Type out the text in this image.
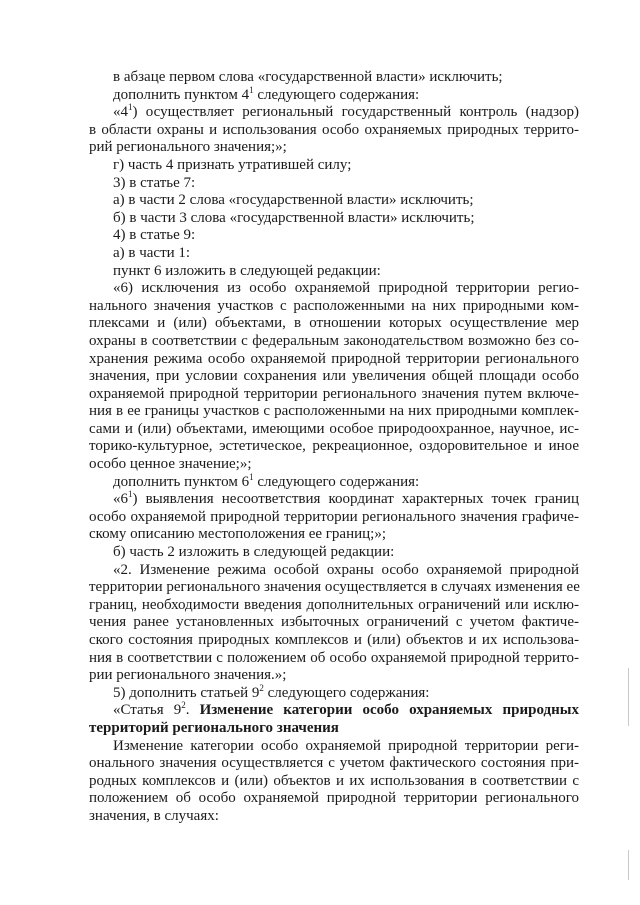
в абзаце первом слова «государственной власти» исключить;
дополнить пунктом $4^1$ следующего содержания:
«$4^1$) осуществляет региональный государственный контроль (надзор)
в области охраны и использования особо охраняемых природных террито-
рий регионального значения;»;
г) часть 4 признать утратившей силу;
3) в статье 7:
а) в части 2 слова «государственной власти» исключить;
б) в части 3 слова «государственной власти» исключить;
4) в статье 9:
а) в части 1:
пункт 6 изложить в следующей редакции:
«6) исключения из особо охраняемой природной территории регио-
нального значения участков с расположенными на них природными ком-
плексами и (или) объектами, в отношении которых осуществление мер
охраны в соответствии с федеральным законодательством возможно без со-
хранения режима особо охраняемой природной территории регионального
значения, при условии сохранения или увеличения общей площади особо
охраняемой природной территории регионального значения путем включе-
ния в ее границы участков с расположенными на них природными комплек-
сами и (или) объектами, имеющими особое природоохранное, научное, ис-
торико-культурное, эстетическое, рекреационное, оздоровительное и иное
особо ценное значение;»;
дополнить пунктом $6^1$ следующего содержания:
«$6^1$) выявления несоответствия координат характерных точек границ
особо охраняемой природной территории регионального значения графиче-
скому описанию местоположения ее границ;»;
б) часть 2 изложить в следующей редакции:
«2. Изменение режима особой охраны особо охраняемой природной
территории регионального значения осуществляется в случаях изменения ее
границ, необходимости введения дополнительных ограничений или исклю-
чения ранее установленных избыточных ограничений с учетом фактиче-
ского состояния природных комплексов и (или) объектов и их использова-
ния в соответствии с положением об особо охраняемой природной террито-
рии регионального значения.»;
5) дополнить статьей $9^2$ следующего содержания:
«Статья $9^2$. Изменение категории особо охраняемых природных
территорий регионального значения
Изменение категории особо охраняемой природной территории реги-
онального значения осуществляется с учетом фактического состояния при-
родных комплексов и (или) объектов и их использования в соответствии с
положением об особо охраняемой природной территории регионального
значения, в случаях:
